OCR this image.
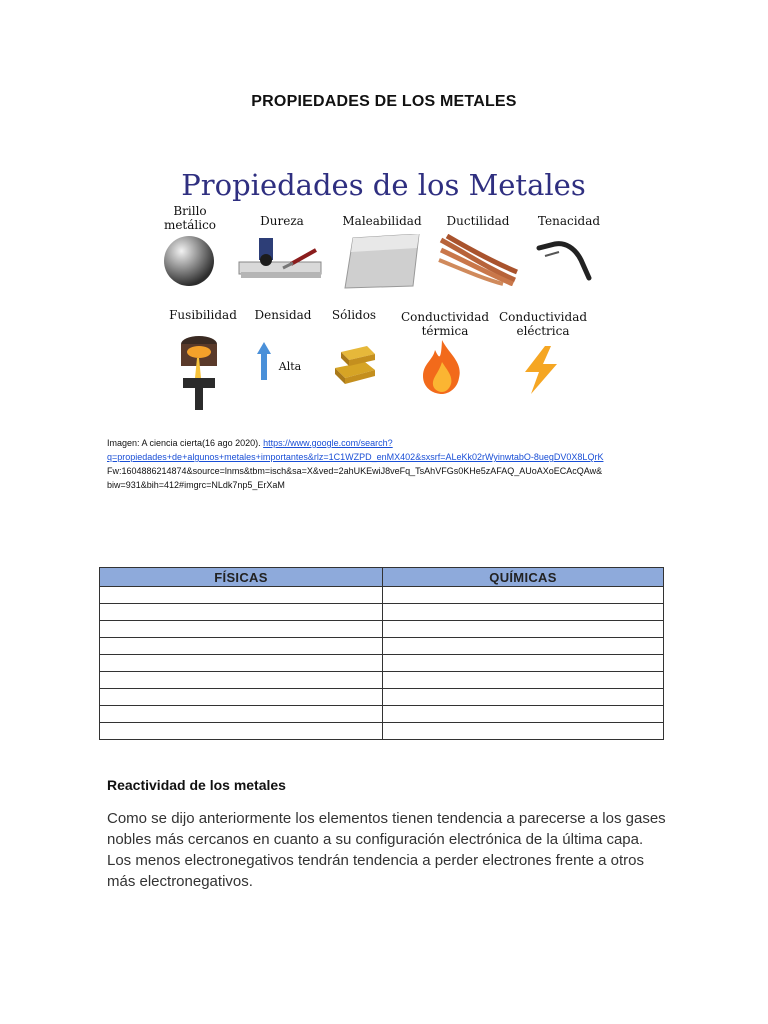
PROPIEDADES DE LOS METALES
Propiedades de los Metales
Brillo
metálico	Dureza	Maleabilidad	Ductilidad	Tenacidad
Fusibilidad	Densidad	Sólidos	Conductividad
térmica
Conductividad
eléctrica
Alta
Imagen: A ciencia cierta(16 ago 2020). https://www.google.com/search?
q=propiedades+de+algunos+metales+importantes&rlz=1C1WZPD_enMX402&sxsrf=ALeKk02rWyinwtabO-8uegDV0X8LQrK
Fw:1604886214874&source=lnms&tbm=isch&sa=X&ved=2ahUKEwiJ8veFq_TsAhVFGs0KHe5zAFAQ_AUoAXoECAcQAw&
biw=931&bih=412#imgrc=NLdk7np5_ErXaM
FÍSICAS	QUÍMICAS

Reactividad de los metales
Como se dijo anteriormente los elementos tienen tendencia a parecerse a los gases nobles más cercanos en cuanto a su configuración electrónica de la última capa. Los menos electronegativos tendrán tendencia a perder electrones frente a otros más electronegativos.
